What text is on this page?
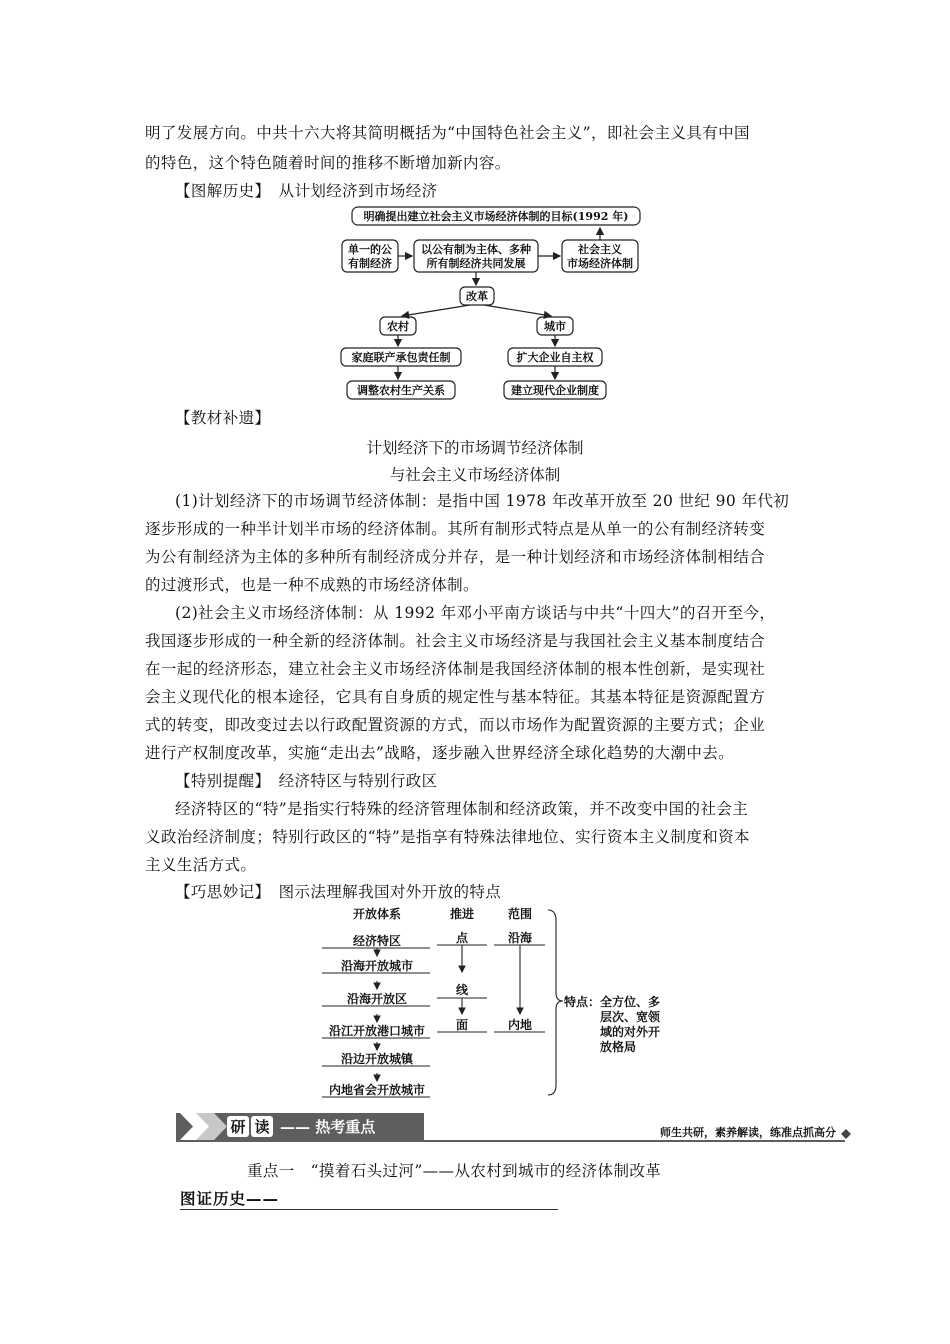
明了发展方向。中共十六大将其简明概括为“中国特色社会主义”，即社会主义具有中国
的特色，这个特色随着时间的推移不断增加新内容。
【图解历史】　 从计划经济到市场经济
明确提出建立社会主义市场经济体制的目标(1992 年)
单一的公
有制经济
以公有制为主体、多种
所有制经济共同发展
社会主义
市场经济体制
改革
农村	城市
家庭联产承包责任制
调整农村生产关系
扩大企业自主权
建立现代企业制度
【教材补遗】
计划经济下的市场调节经济体制
与社会主义市场经济体制
(1)计划经济下的市场调节经济体制：是指中国 1978 年改革开放至 20 世纪 90 年代初
逐步形成的一种半计划半市场的经济体制。其所有制形式特点是从单一的公有制经济转变
为公有制经济为主体的多种所有制经济成分并存，是一种计划经济和市场经济体制相结合
的过渡形式，也是一种不成熟的市场经济体制。
(2)社会主义市场经济体制：从 1992 年邓小平南方谈话与中共“十四大”的召开至今，
我国逐步形成的一种全新的经济体制。社会主义市场经济是与我国社会主义基本制度结合
在一起的经济形态，建立社会主义市场经济体制是我国经济体制的根本性创新，是实现社
会主义现代化的根本途径，它具有自身质的规定性与基本特征。其基本特征是资源配置方
式的转变，即改变过去以行政配置资源的方式，而以市场作为配置资源的主要方式；企业
进行产权制度改革，实施“走出去”战略，逐步融入世界经济全球化趋势的大潮中去。
【特别提醒】　 经济特区与特别行政区
经济特区的“特”是指实行特殊的经济管理体制和经济政策，并不改变中国的社会主
义政治经济制度；特别行政区的“特”是指享有特殊法律地位、实行资本主义制度和资本
主义生活方式。
【巧思妙记】　 图示法理解我国对外开放的特点
开放体系	推进	范围
经济特区
沿海开放城市
沿海开放区
沿江开放港口城市
沿边开放城镇
内地省会开放城市
点
线
面
沿海
内地
特点：全方位、多
层次、宽领
域的对外开
放格局
研 读 —— 热考重点	师生共研，素养解读，练准点抓高分
重点一　“摸着石头过河”——从农村到城市的经济体制改革
图证历史——
